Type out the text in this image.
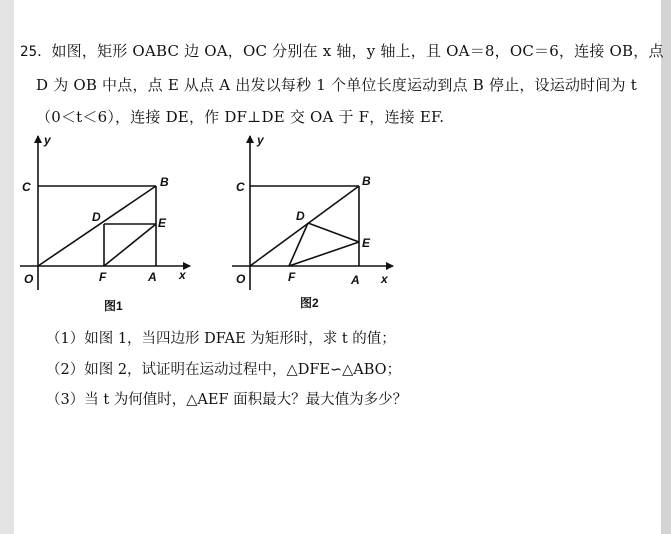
25．如图，矩形 OABC 边 OA，OC 分别在 x 轴，y 轴上，且 OA＝8，OC＝6，连接 OB，点
D 为 OB 中点，点 E 从点 A 出发以每秒 1 个单位长度运动到点 B 停止，设运动时间为 t
（0＜t＜6），连接 DE，作 DF⊥DE 交 OA 于 F，连接 EF.
y
x
O
C	B
A
D	E
F
图1
y
x
O
C	B
A
D
E
F
图2
（1）如图 1，当四边形 DFAE 为矩形时，求 t 的值；
（2）如图 2，试证明在运动过程中，△DFE∽△ABO；
（3）当 t 为何值时，△AEF 面积最大？最大值为多少？
